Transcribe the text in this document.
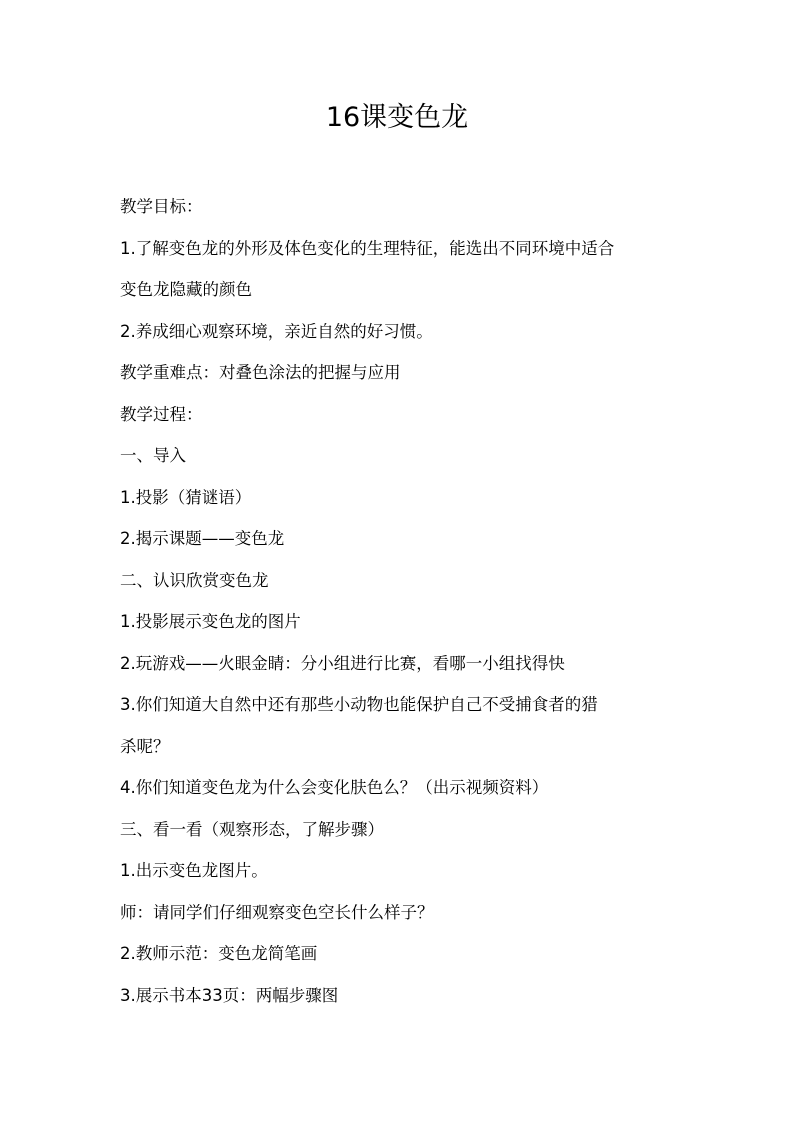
16课变色龙

教学目标：

1.了解变色龙的外形及体色变化的生理特征，能选出不同环境中适合

变色龙隐藏的颜色

2.养成细心观察环境，亲近自然的好习惯。

教学重难点：对叠色涂法的把握与应用

教学过程：

一、导入

1.投影（猜谜语）

2.揭示课题——变色龙

二、认识欣赏变色龙

1.投影展示变色龙的图片

2.玩游戏——火眼金睛：分小组进行比赛，看哪一小组找得快

3.你们知道大自然中还有那些小动物也能保护自己不受捕食者的猎

杀呢？

4.你们知道变色龙为什么会变化肤色么？（出示视频资料）

三、看一看（观察形态，了解步骤）

1.出示变色龙图片。

师：请同学们仔细观察变色空长什么样子？

2.教师示范：变色龙简笔画

3.展示书本33页：两幅步骤图
